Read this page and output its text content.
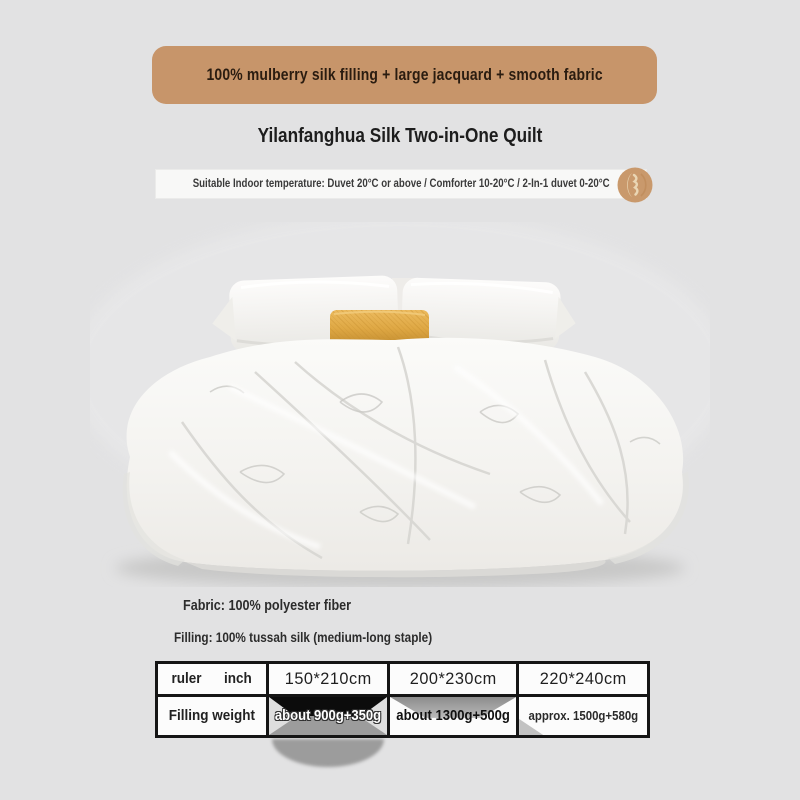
100% mulberry silk filling + large jacquard + smooth fabric
Yilanfanghua Silk Two-in-One Quilt
Suitable Indoor temperature: Duvet 20°C or above / Comforter 10-20°C / 2-In-1 duvet 0-20°C
Fabric: 100% polyester fiber
Filling: 100% tussah silk (medium-long staple)
ruler      inch	150*210cm	200*230cm	220*240cm
Filling weight	about 900g+350g	about 1300g+500g	approx. 1500g+580g
